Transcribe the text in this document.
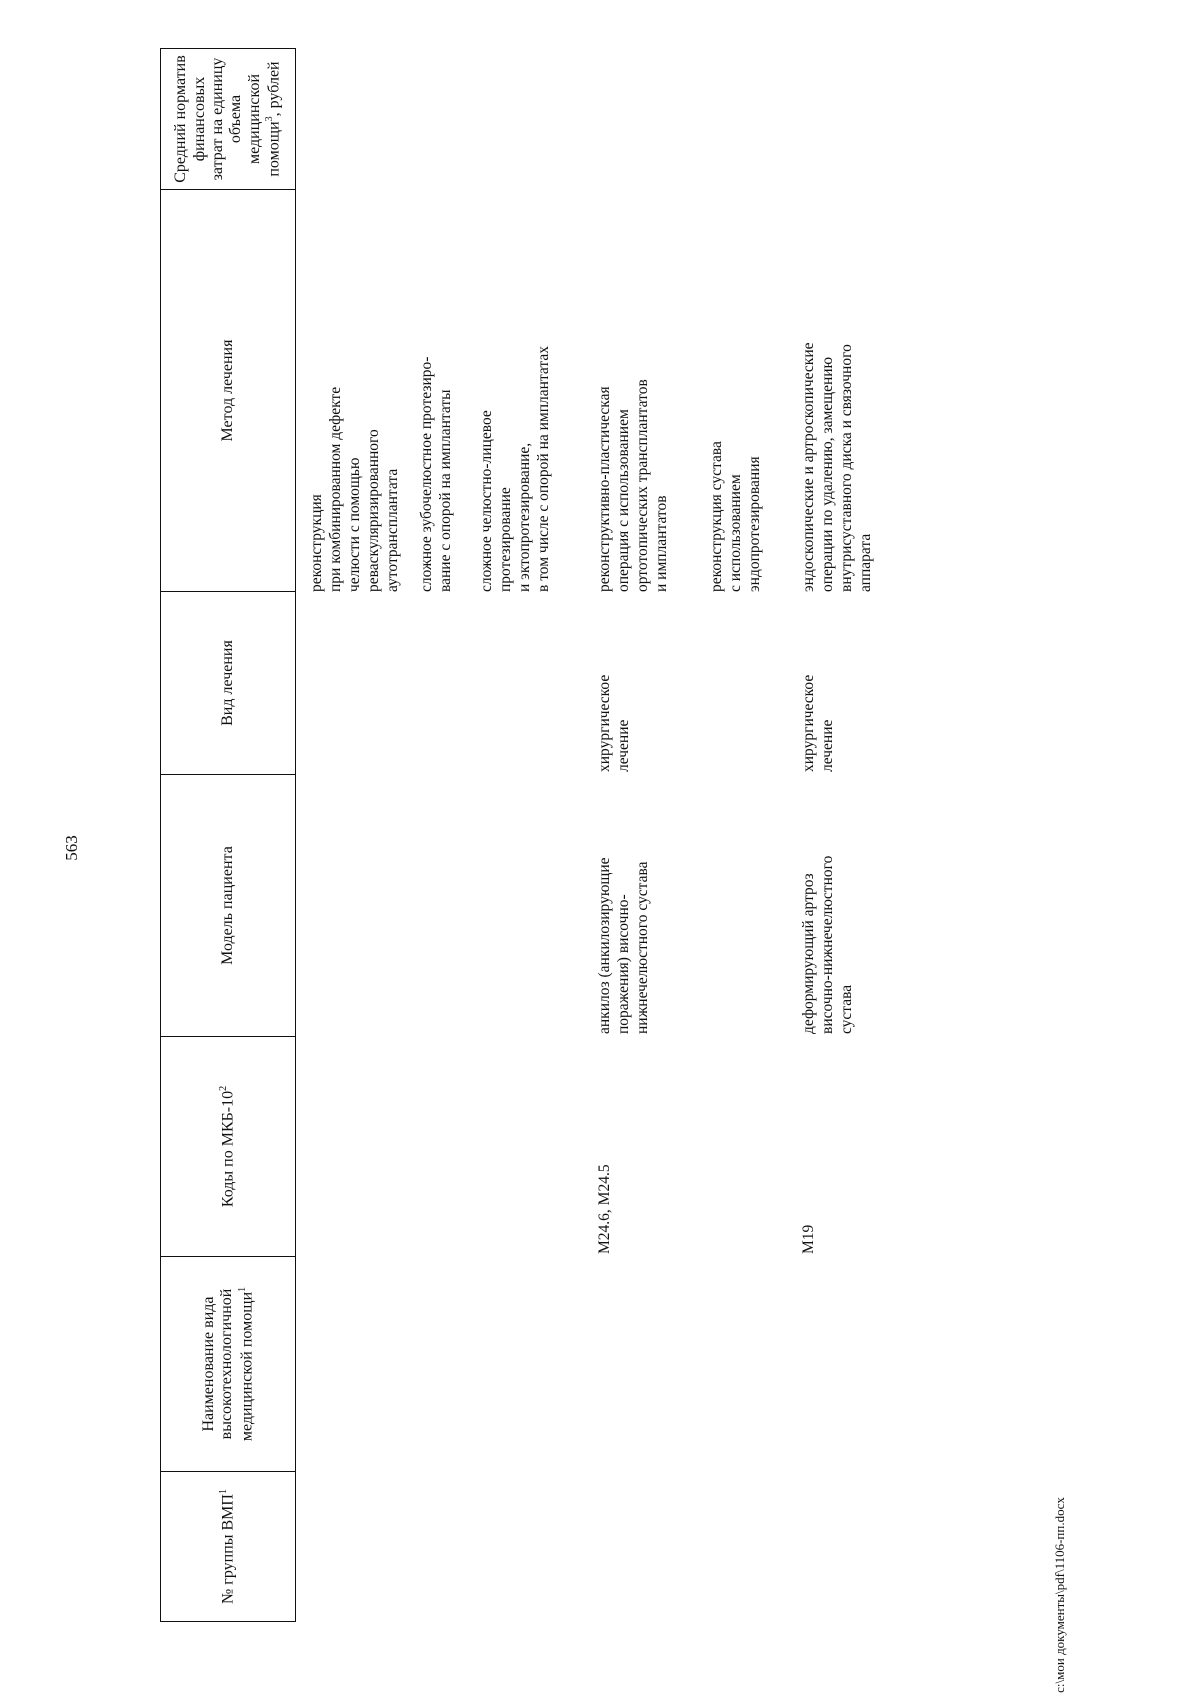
563
№ группы ВМП$^1$
Наименование вида высокотехнологичной медицинской помощи$^1$
Коды по МКБ-$10^2$
Модель пациента
Вид лечения
Метод лечения
Средний норматив финансовых затрат на единицу объема медицинской помощи$^3$, рублей
реконструкция при комбинированном дефекте челюсти с помощью реваскуляризированного аутотрансплантата сложное зубочелюстное протезиро- вание с опорой на имплантаты сложное челюстно-лицевое протезирование и эктопротезирование, в том числе с опорой на имплантатах
М24.6, М24.5
анкилоз (анкилозирующие поражения) височно- нижнечелюстного сустава
хирургическое лечение
реконструктивно-пластическая операция с использованием ортотопических трансплантатов и имплантатов реконструкция сустава с использованием эндопротезирования
М19
деформирующий артроз височно-нижнечелюстного сустава
хирургическое лечение
эндоскопические и артроскопические операции по удалению, замещению внутрисуставного диска и связочного аппарата
c:\мои документы\pdf\1106-пп.docx
